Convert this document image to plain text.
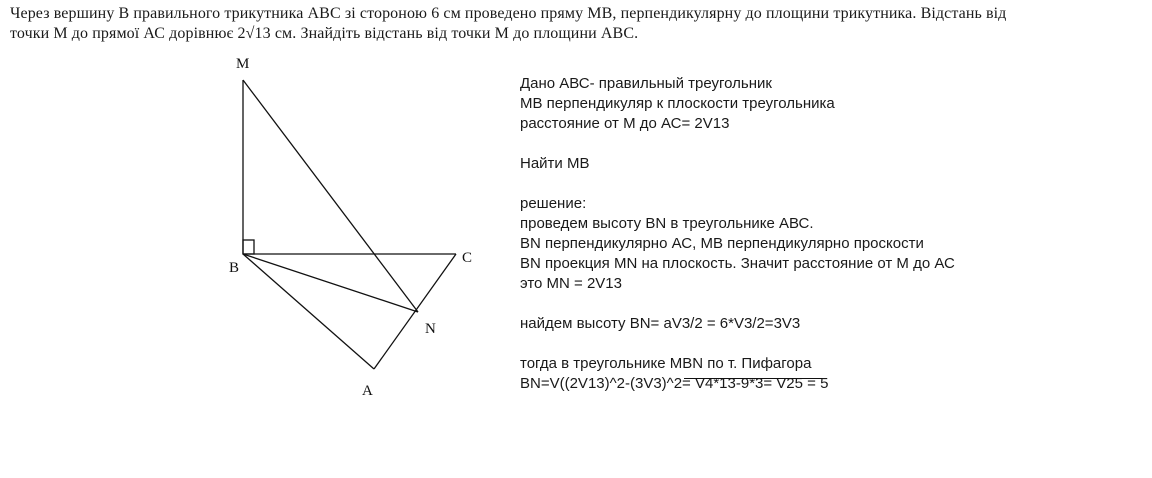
Через вершину В правильного трикутника АВС зі стороною 6 см проведено пряму МВ, перпендикулярну до площини трикутника. Відстань від
точки М до прямої АС дорівнює 2√13 см. Знайдіть відстань від точки М до площини АВС.
M
B
C
N
A
Дано АВС- правильный треугольник
МВ перпендикуляр к плоскости треугольника
расстояние от М до АС= 2V13
Найти МВ
решение:
проведем высоту BN в треугольнике АВС.
BN перпендикулярно АС, МВ перпендикулярно проскости
BN проекция MN на плоскость. Значит расстояние от М до АС
это MN = 2V13
найдем высоту BN= aV3/2 = 6*V3/2=3V3
тогда в треугольнике MBN по т. Пифагора
BN=V((2V13)^2-(3V3)^2= V4*13-9*3= V25 = 5
